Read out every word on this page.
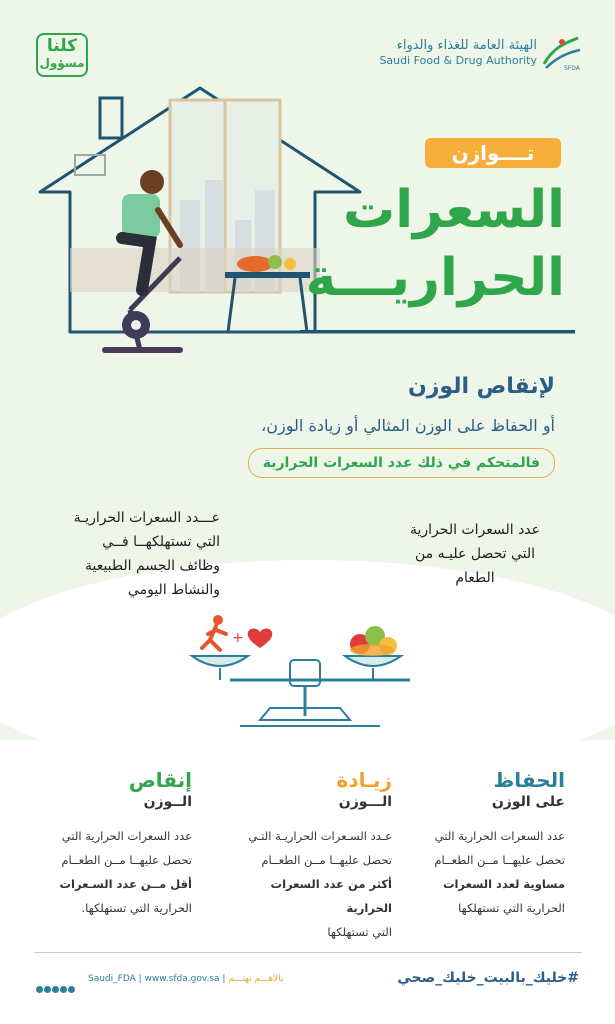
كلنا
مسؤول
الهيئة العامة للغذاء والدواء
Saudi Food & Drug Authority
SFDA
تــــوازن
السعرات
الحراريـــة
لإنقاص الوزن
أو الحفاظ على الوزن المثالي أو زيادة الوزن،
فالمتحكم في ذلك عدد السعرات الحرارية
عـــدد السعرات الحراريـة
التي تستهلكهــا فــي
وظائف الجسم الطبيعية
والنشاط اليومي
عدد السعرات الحرارية
التي تحصل عليـه من
الطعام
+
الحفاظ
على الوزن
عدد السعرات الحرارية التي
تحصل عليهــا مــن الطعــام
مساوية لعدد السعرات
الحرارية التي تستهلكها
زيـادة
الـــوزن
عـدد السـعرات الحراريـة التـي
تحصل عليهــا مــن الطعــام
أكثر من عدد السعرات الحرارية
التي تستهلكها
إنقاص
الــوزن
عدد السعرات الحرارية التي
تحصل عليهــا مــن الطعــام
أقل مــن عدد السـعرات
الحرارية التي تستهلكها.
Saudi_FDA | www.sfda.gov.sa | بالاهـــم نهتـــم	#خليك_بالبيت_خليك_صحي
